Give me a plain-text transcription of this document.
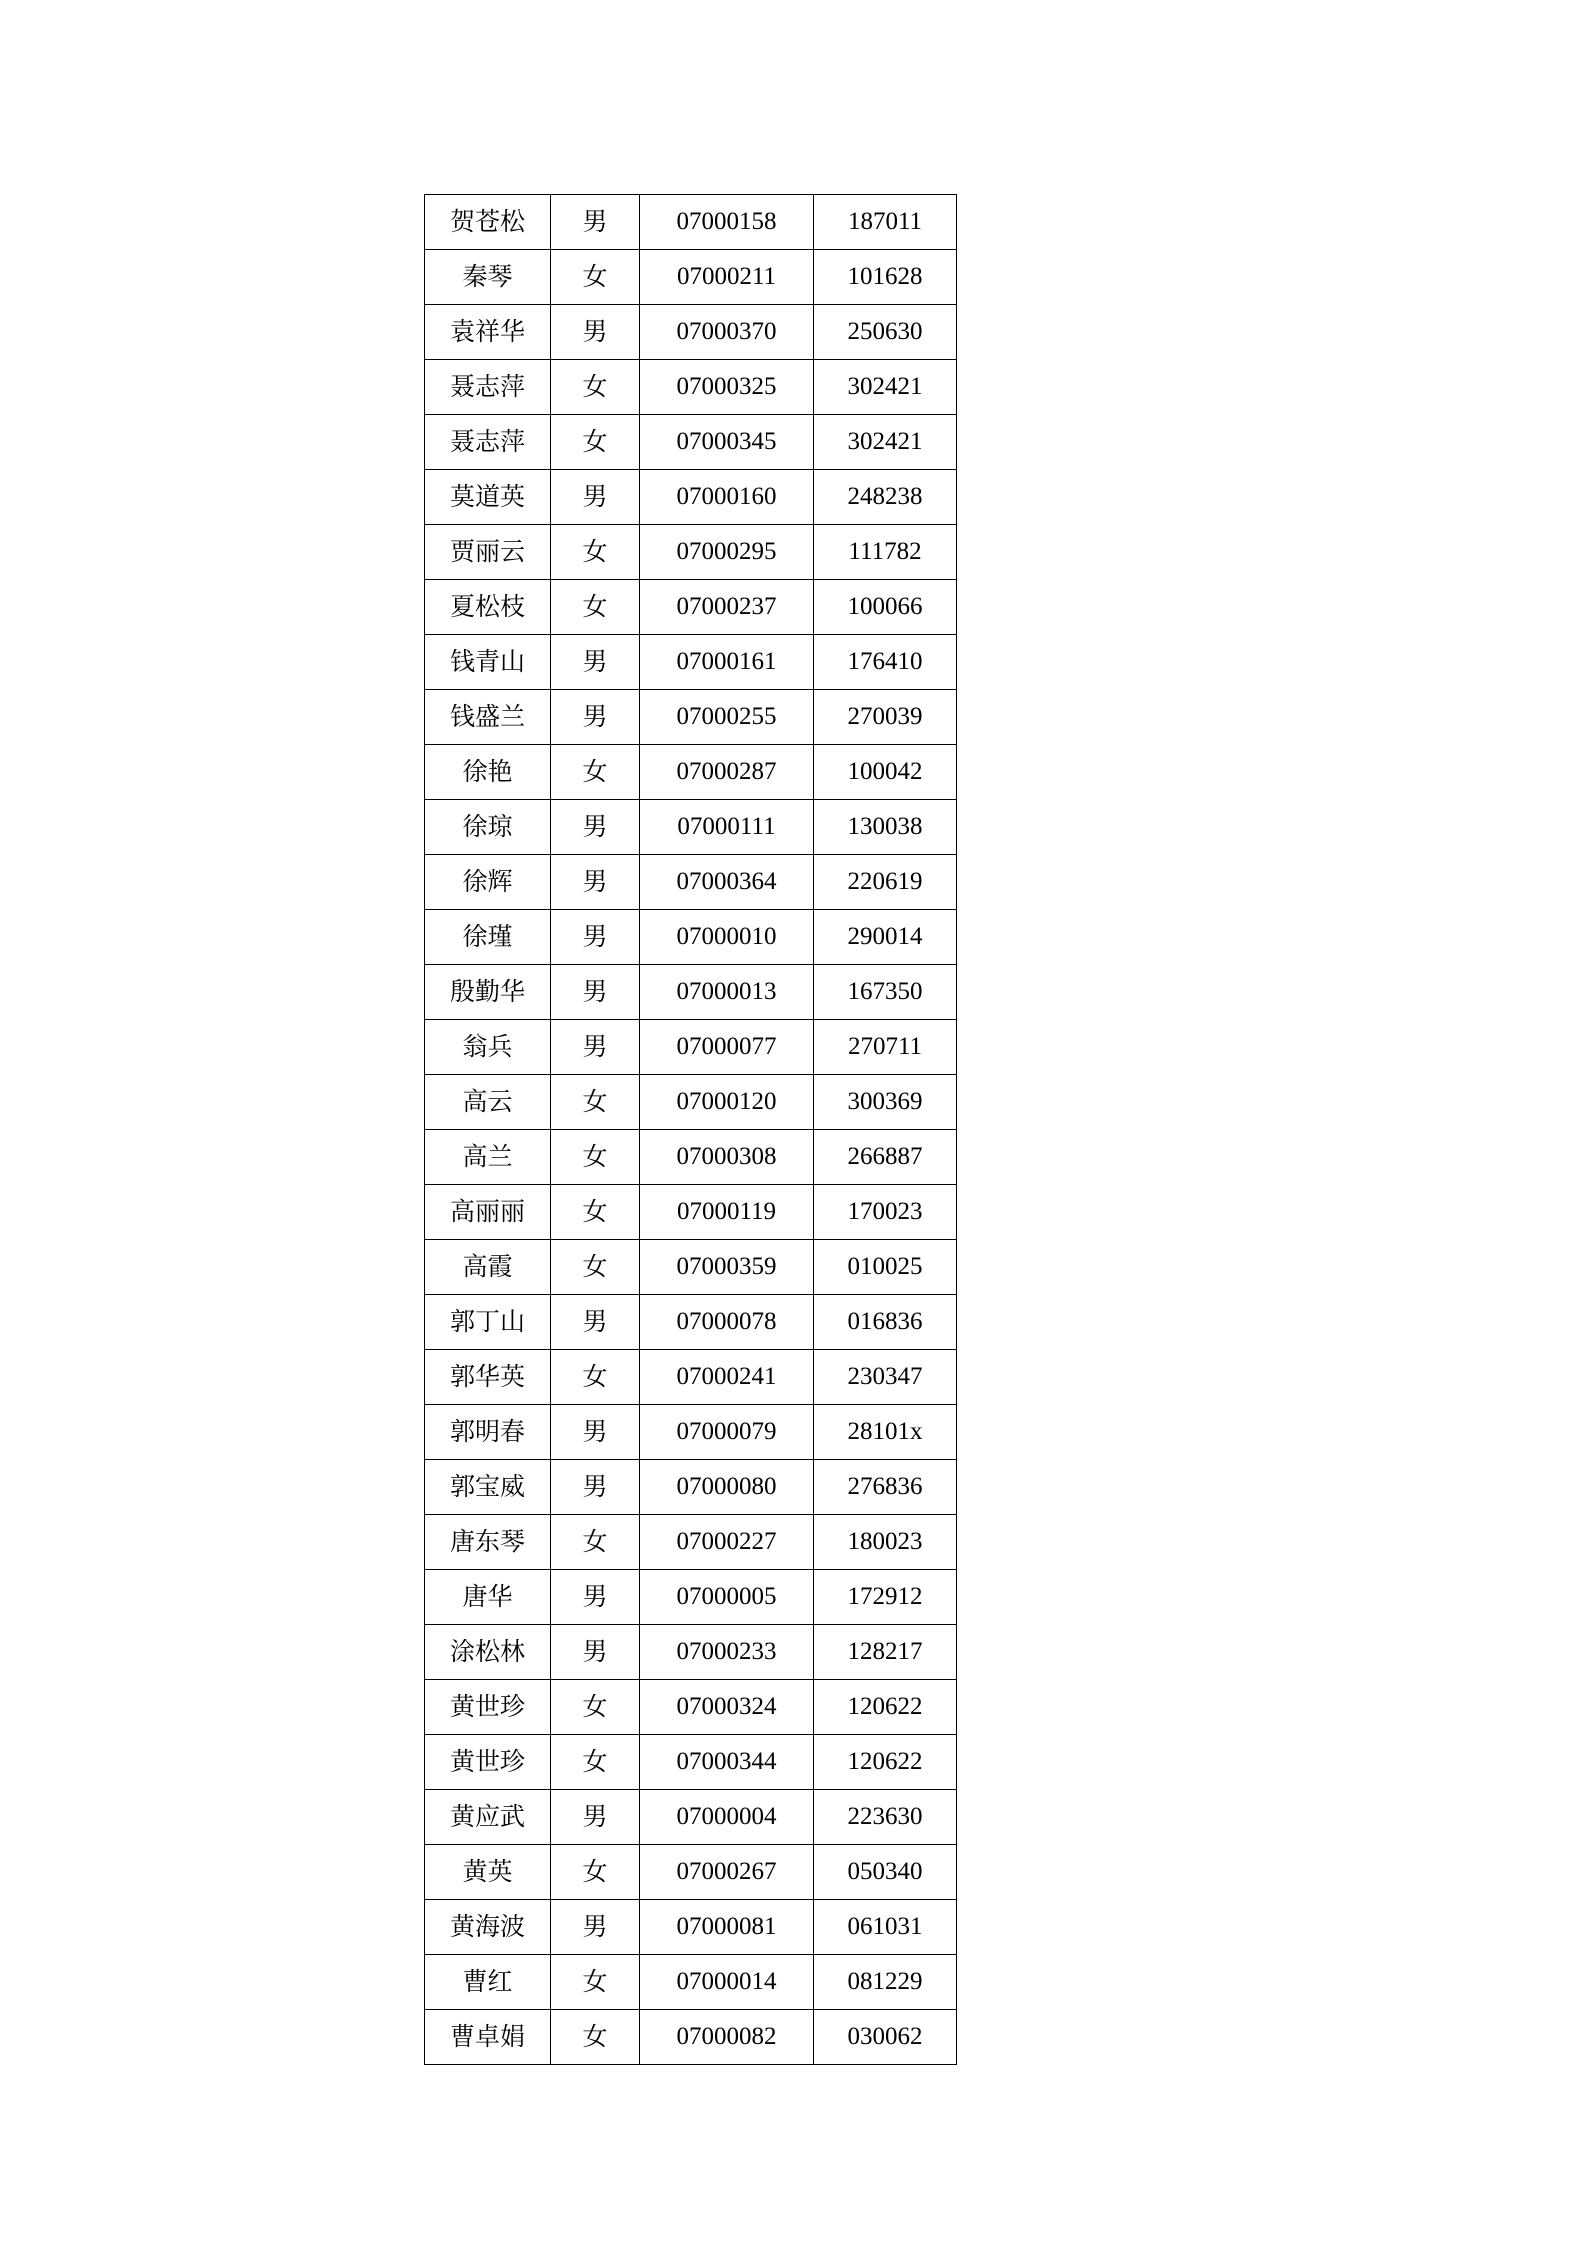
贺苍松	男	07000158	187011
秦琴	女	07000211	101628
袁祥华	男	07000370	250630
聂志萍	女	07000325	302421
聂志萍	女	07000345	302421
莫道英	男	07000160	248238
贾丽云	女	07000295	111782
夏松枝	女	07000237	100066
钱青山	男	07000161	176410
钱盛兰	男	07000255	270039
徐艳	女	07000287	100042
徐琼	男	07000111	130038
徐辉	男	07000364	220619
徐瑾	男	07000010	290014
殷勤华	男	07000013	167350
翁兵	男	07000077	270711
高云	女	07000120	300369
高兰	女	07000308	266887
高丽丽	女	07000119	170023
高霞	女	07000359	010025
郭丁山	男	07000078	016836
郭华英	女	07000241	230347
郭明春	男	07000079	28101x
郭宝威	男	07000080	276836
唐东琴	女	07000227	180023
唐华	男	07000005	172912
涂松林	男	07000233	128217
黄世珍	女	07000324	120622
黄世珍	女	07000344	120622
黄应武	男	07000004	223630
黄英	女	07000267	050340
黄海波	男	07000081	061031
曹红	女	07000014	081229
曹卓娟	女	07000082	030062
